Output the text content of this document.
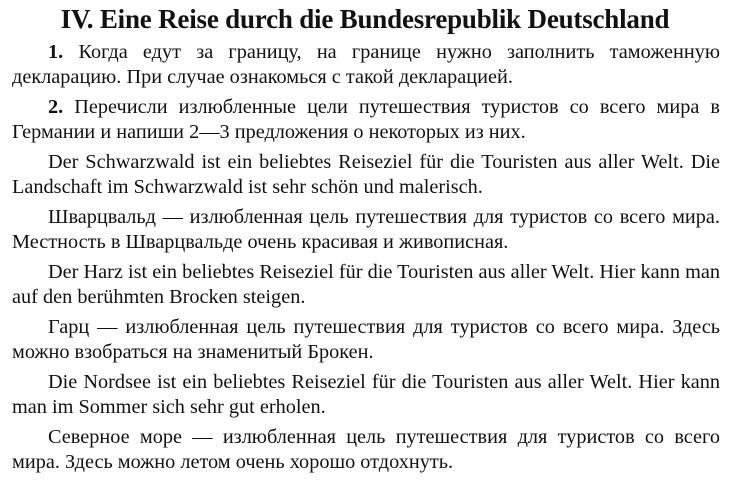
IV. Eine Reise durch die Bundesrepublik Deutschland

1. Когда едут за границу, на границе нужно заполнить таможенную декларацию. При случае ознакомься с такой декларацией.

2. Перечисли излюбленные цели путешествия туристов со всего мира в Германии и напиши 2—3 предложения о некоторых из них.

Der Schwarzwald ist ein beliebtes Reiseziel für die Touristen aus aller Welt. Die Landschaft im Schwarzwald ist sehr schön und malerisch.

Шварцвальд — излюбленная цель путешествия для туристов со всего мира. Местность в Шварцвальде очень красивая и живописная.

Der Harz ist ein beliebtes Reiseziel für die Touristen aus aller Welt. Hier kann man auf den berühmten Brocken steigen.

Гарц — излюбленная цель путешествия для туристов со всего мира. Здесь можно взобраться на знаменитый Брокен.

Die Nordsee ist ein beliebtes Reiseziel für die Touristen aus aller Welt. Hier kann man im Sommer sich sehr gut erholen.

Северное море — излюбленная цель путешествия для туристов со всего мира. Здесь можно летом очень хорошо отдохнуть.
